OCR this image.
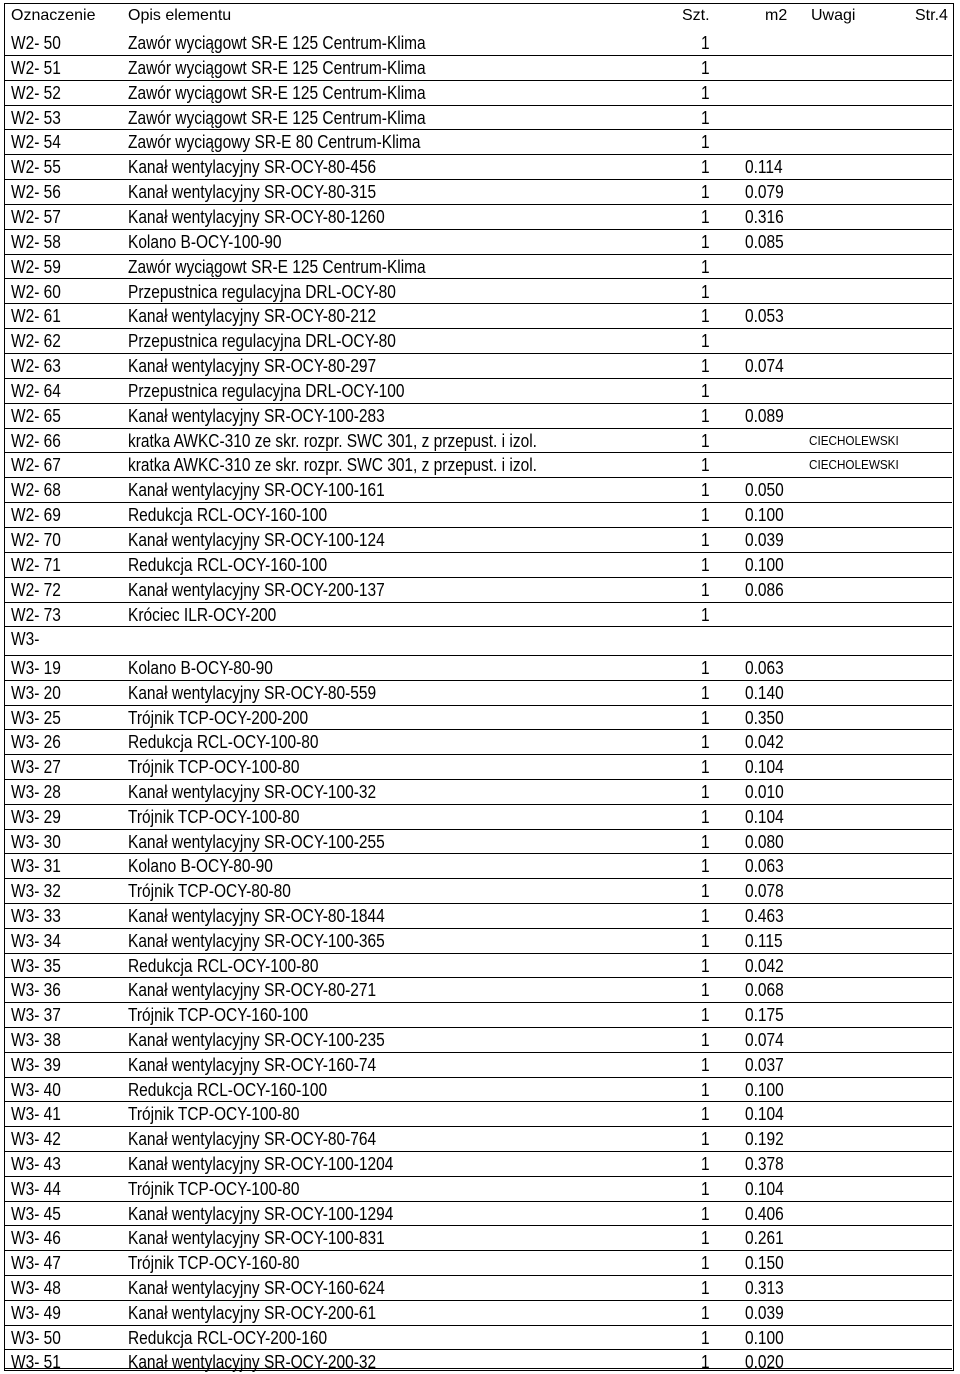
Oznaczenie Opis elementu	Szt.	m2 Uwagi	Str.4
W2- 50	Zawór wyciągowt SR-E 125 Centrum-Klima	1
W2- 51	Zawór wyciągowt SR-E 125 Centrum-Klima	1
W2- 52	Zawór wyciągowt SR-E 125 Centrum-Klima	1
W2- 53	Zawór wyciągowt SR-E 125 Centrum-Klima	1
W2- 54	Zawór wyciągowy SR-E 80 Centrum-Klima	1
W2- 55	Kanał wentylacyjny SR-OCY-80-456	1 0.114
W2- 56	Kanał wentylacyjny SR-OCY-80-315	1 0.079
W2- 57	Kanał wentylacyjny SR-OCY-80-1260	1 0.316
W2- 58	Kolano B-OCY-100-90	1 0.085
W2- 59	Zawór wyciągowt SR-E 125 Centrum-Klima	1
W2- 60	Przepustnica regulacyjna DRL-OCY-80	1
W2- 61	Kanał wentylacyjny SR-OCY-80-212	1 0.053
W2- 62	Przepustnica regulacyjna DRL-OCY-80	1
W2- 63	Kanał wentylacyjny SR-OCY-80-297	1 0.074
W2- 64	Przepustnica regulacyjna DRL-OCY-100	1
W2- 65	Kanał wentylacyjny SR-OCY-100-283	1 0.089
W2- 66	kratka AWKC-310 ze skr. rozpr. SWC 301, z przepust. i izol.	1	CIECHOLEWSKI
W2- 67	kratka AWKC-310 ze skr. rozpr. SWC 301, z przepust. i izol.	1	CIECHOLEWSKI
W2- 68	Kanał wentylacyjny SR-OCY-100-161	1 0.050
W2- 69	Redukcja RCL-OCY-160-100	1 0.100
W2- 70	Kanał wentylacyjny SR-OCY-100-124	1 0.039
W2- 71	Redukcja RCL-OCY-160-100	1 0.100
W2- 72	Kanał wentylacyjny SR-OCY-200-137	1 0.086
W2- 73	Króciec ILR-OCY-200	1
W3-
W3- 19	Kolano B-OCY-80-90	1 0.063
W3- 20	Kanał wentylacyjny SR-OCY-80-559	1 0.140
W3- 25	Trójnik TCP-OCY-200-200	1 0.350
W3- 26	Redukcja RCL-OCY-100-80	1 0.042
W3- 27	Trójnik TCP-OCY-100-80	1 0.104
W3- 28	Kanał wentylacyjny SR-OCY-100-32	1 0.010
W3- 29	Trójnik TCP-OCY-100-80	1 0.104
W3- 30	Kanał wentylacyjny SR-OCY-100-255	1 0.080
W3- 31	Kolano B-OCY-80-90	1 0.063
W3- 32	Trójnik TCP-OCY-80-80	1 0.078
W3- 33	Kanał wentylacyjny SR-OCY-80-1844	1 0.463
W3- 34	Kanał wentylacyjny SR-OCY-100-365	1 0.115
W3- 35	Redukcja RCL-OCY-100-80	1 0.042
W3- 36	Kanał wentylacyjny SR-OCY-80-271	1 0.068
W3- 37	Trójnik TCP-OCY-160-100	1 0.175
W3- 38	Kanał wentylacyjny SR-OCY-100-235	1 0.074
W3- 39	Kanał wentylacyjny SR-OCY-160-74	1 0.037
W3- 40	Redukcja RCL-OCY-160-100	1 0.100
W3- 41	Trójnik TCP-OCY-100-80	1 0.104
W3- 42	Kanał wentylacyjny SR-OCY-80-764	1 0.192
W3- 43	Kanał wentylacyjny SR-OCY-100-1204	1 0.378
W3- 44	Trójnik TCP-OCY-100-80	1 0.104
W3- 45	Kanał wentylacyjny SR-OCY-100-1294	1 0.406
W3- 46	Kanał wentylacyjny SR-OCY-100-831	1 0.261
W3- 47	Trójnik TCP-OCY-160-80	1 0.150
W3- 48	Kanał wentylacyjny SR-OCY-160-624	1 0.313
W3- 49	Kanał wentylacyjny SR-OCY-200-61	1 0.039
W3- 50	Redukcja RCL-OCY-200-160	1 0.100
W3- 51	Kanał wentylacyjny SR-OCY-200-32	1 0.020
